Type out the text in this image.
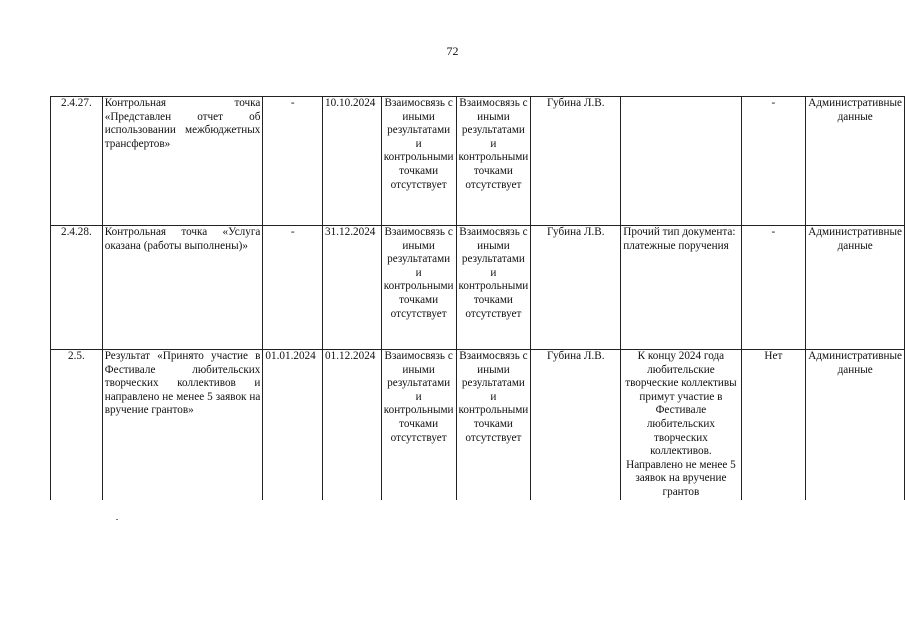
72
2.4.27.	Контрольная точка «Представлен отчет об использовании межбюджетных трансфертов»	-	10.10.2024	Взаимосвязь с иными результатами и контрольными точками отсутствует	Взаимосвязь с иными результатами и контрольными точками отсутствует	Губина Л.В.		-	Административные данные
2.4.28.	Контрольная точка «Услуга оказана (работы выполнены)»	-	31.12.2024	Взаимосвязь с иными результатами и контрольными точками отсутствует	Взаимосвязь с иными результатами и контрольными точками отсутствует	Губина Л.В.	Прочий тип документа: платежные поручения	-	Административные данные
2.5.	Результат «Принято участие в Фестивале любительских творческих коллективов и направлено не менее 5 заявок на вручение грантов»	01.01.2024	01.12.2024	Взаимосвязь с иными результатами и контрольными точками отсутствует	Взаимосвязь с иными результатами и контрольными точками отсутствует	Губина Л.В.	К концу 2024 года любительские творческие коллективы примут участие в Фестивале любительских творческих коллективов. Направлено не менее 5 заявок на вручение грантов	Нет	Административные данные
